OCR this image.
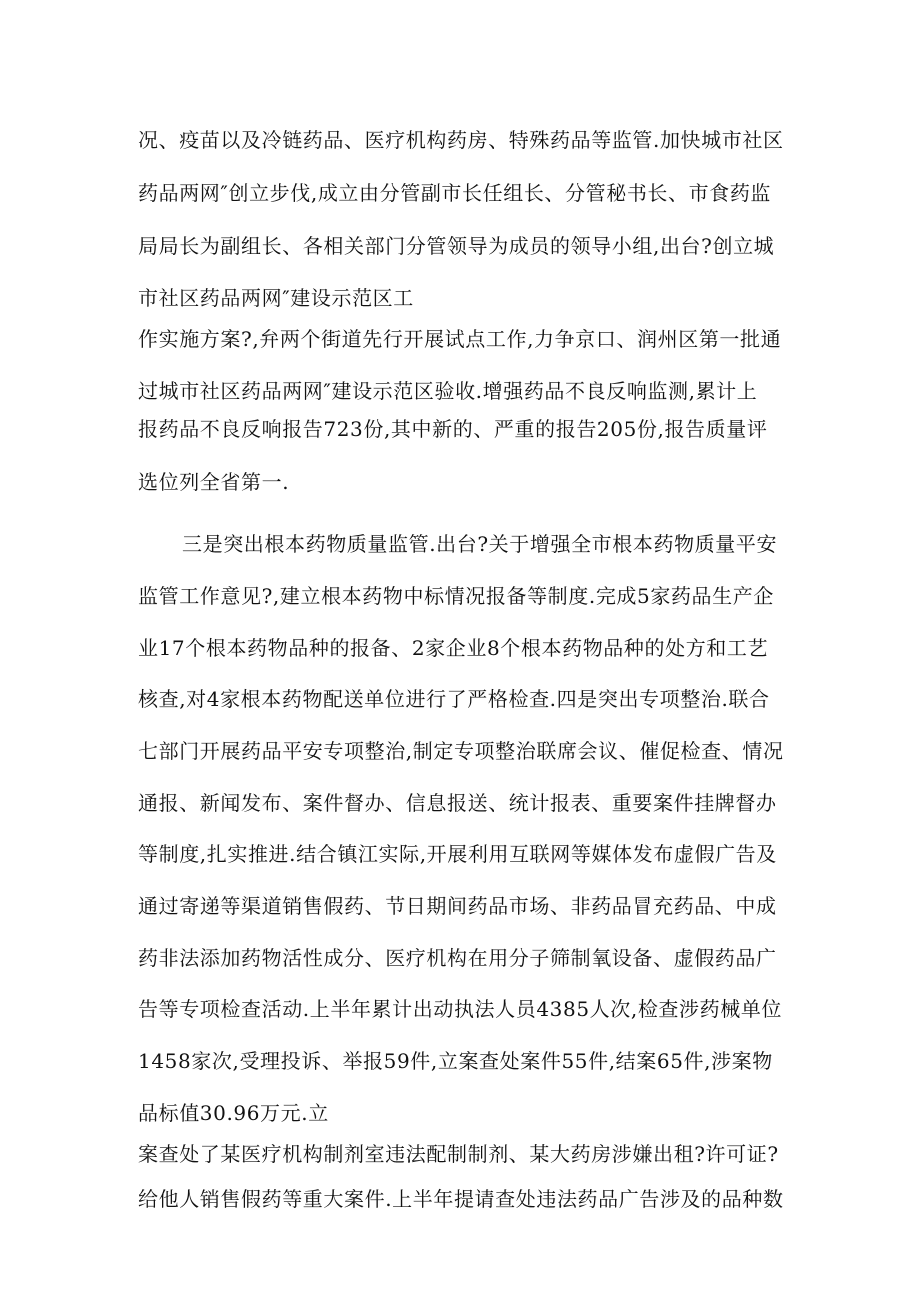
况、疫苗以及冷链药品、医疗机构药房、特殊药品等监管.加快城市社区
药品两网″创立步伐,成立由分管副市长任组长、分管秘书长、市食药监
局局长为副组长、各相关部门分管领导为成员的领导小组,出台?创立城
市社区药品两网″建设示范区工
作实施方案?,弁两个街道先行开展试点工作,力争京口、润州区第一批通
过城市社区药品两网″建设示范区验收.增强药品不良反响监测,累计上
报药品不良反响报告723份,其中新的、严重的报告205份,报告质量评
选位列全省第一.
三是突出根本药物质量监管.出台?关于增强全市根本药物质量平安
监管工作意见?,建立根本药物中标情况报备等制度.完成5家药品生产企
业17个根本药物品种的报备、2家企业8个根本药物品种的处方和工艺
核查,对4家根本药物配送单位进行了严格检查.四是突出专项整治.联合
七部门开展药品平安专项整治,制定专项整治联席会议、催促检查、情况
通报、新闻发布、案件督办、信息报送、统计报表、重要案件挂牌督办
等制度,扎实推进.结合镇江实际,开展利用互联网等媒体发布虚假广告及
通过寄递等渠道销售假药、节日期间药品市场、非药品冒充药品、中成
药非法添加药物活性成分、医疗机构在用分子筛制氧设备、虚假药品广
告等专项检查活动.上半年累计出动执法人员4385人次,检查涉药械单位
1458家次,受理投诉、举报59件,立案查处案件55件,结案65件,涉案物
品标值30.96万元.立
案查处了某医疗机构制剂室违法配制制剂、某大药房涉嫌出租?许可证?
给他人销售假药等重大案件.上半年提请查处违法药品广告涉及的品种数
